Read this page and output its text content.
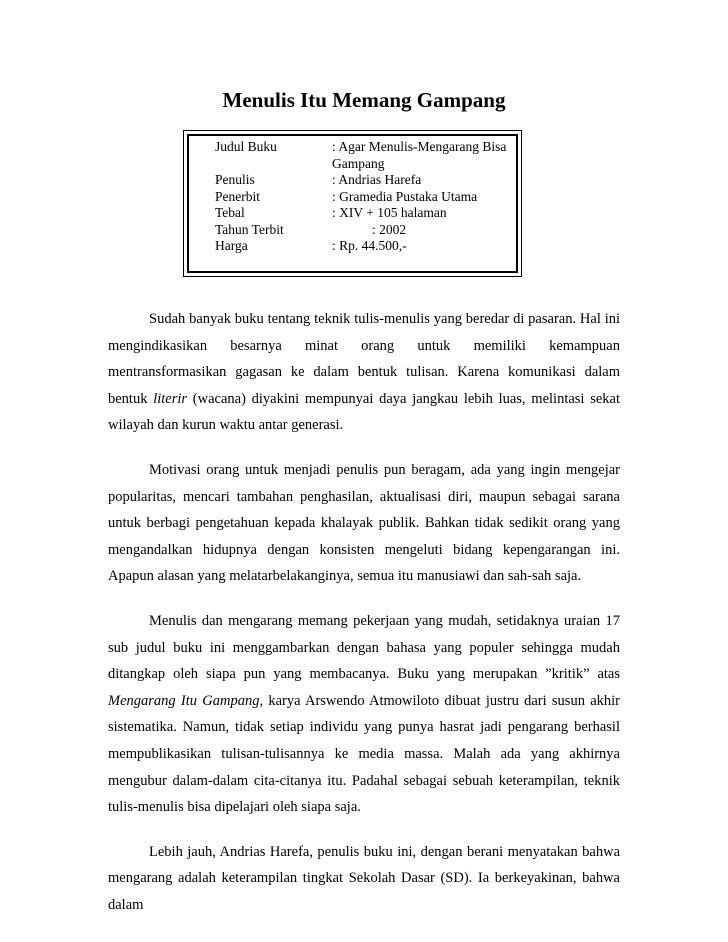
Menulis Itu Memang Gampang
Judul Buku	: Agar Menulis-Mengarang Bisa Gampang
Penulis	: Andrias Harefa
Penerbit	: Gramedia Pustaka Utama
Tebal	: XIV + 105 halaman
Tahun Terbit	: 2002
Harga	: Rp. 44.500,-

Sudah banyak buku tentang teknik tulis-menulis yang beredar di pasaran. Hal ini mengindikasikan besarnya minat orang untuk memiliki kemampuan mentransformasikan gagasan ke dalam bentuk tulisan. Karena komunikasi dalam bentuk literir (wacana) diyakini mempunyai daya jangkau lebih luas, melintasi sekat wilayah dan kurun waktu antar generasi.

Motivasi orang untuk menjadi penulis pun beragam, ada yang ingin mengejar popularitas, mencari tambahan penghasilan, aktualisasi diri, maupun sebagai sarana untuk berbagi pengetahuan kepada khalayak publik. Bahkan tidak sedikit orang yang mengandalkan hidupnya dengan konsisten mengeluti bidang kepengarangan ini. Apapun alasan yang melatarbelakanginya, semua itu manusiawi dan sah-sah saja.

Menulis dan mengarang memang pekerjaan yang mudah, setidaknya uraian 17 sub judul buku ini menggambarkan dengan bahasa yang populer sehingga mudah ditangkap oleh siapa pun yang membacanya. Buku yang merupakan ”kritik” atas Mengarang Itu Gampang, karya Arswendo Atmowiloto dibuat justru dari susun akhir sistematika. Namun, tidak setiap individu yang punya hasrat jadi pengarang berhasil mempublikasikan tulisan-tulisannya ke media massa. Malah ada yang akhirnya mengubur dalam-dalam cita-citanya itu. Padahal sebagai sebuah keterampilan, teknik tulis-menulis bisa dipelajari oleh siapa saja.

Lebih jauh, Andrias Harefa, penulis buku ini, dengan berani menyatakan bahwa mengarang adalah keterampilan tingkat Sekolah Dasar (SD). Ia berkeyakinan, bahwa dalam
